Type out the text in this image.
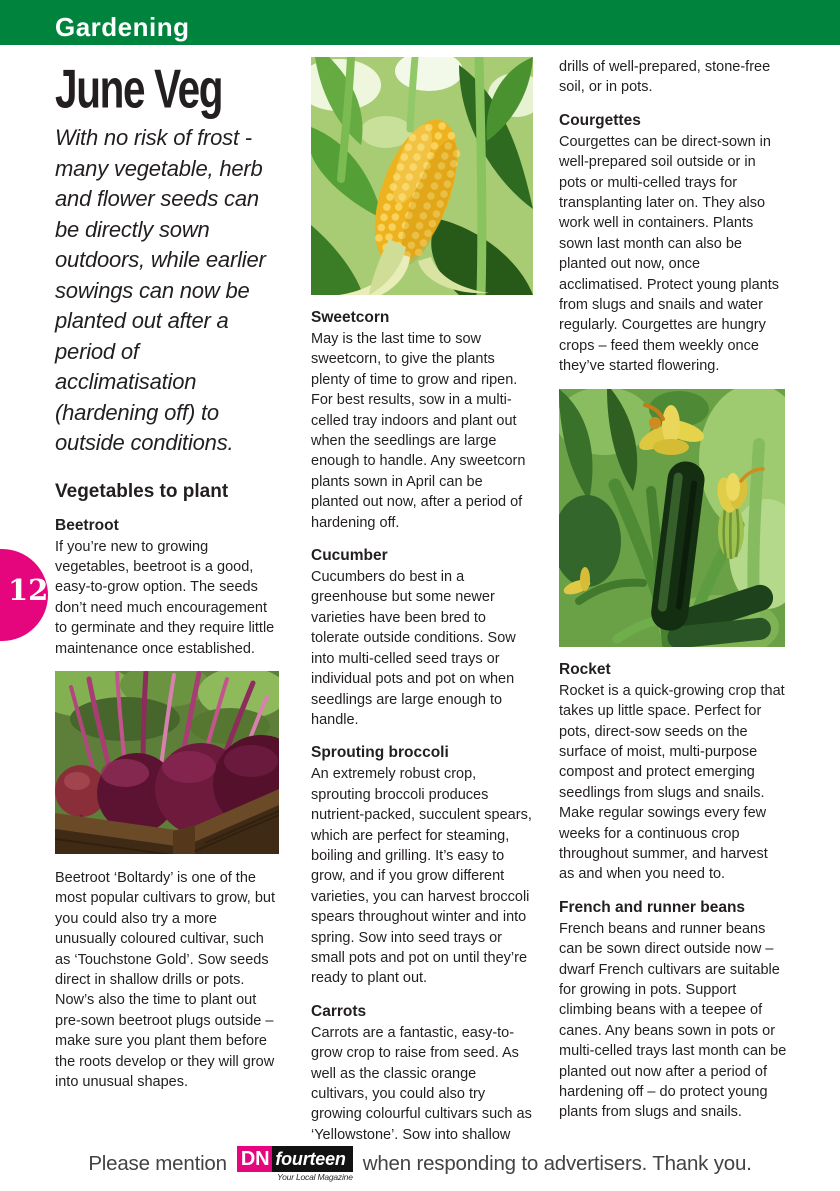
Gardening
12
June Veg

With no risk of frost - many vegetable, herb and flower seeds can be directly sown outdoors, while earlier sowings can now be planted out after a period of acclimatisation (hardening off) to outside conditions.

Vegetables to plant
Beetroot

If you’re new to growing vegetables, beetroot is a good, easy-to-grow option. The seeds don’t need much encouragement to germinate and they require little maintenance once established.

Beetroot ‘Boltardy’ is one of the most popular cultivars to grow, but you could also try a more unusually coloured cultivar, such as ‘Touchstone Gold’. Sow seeds direct in shallow drills or pots. Now’s also the time to plant out pre-sown beetroot plugs outside – make sure you plant them before the roots develop or they will grow into unusual shapes.

Sweetcorn

May is the last time to sow sweetcorn, to give the plants plenty of time to grow and ripen. For best results, sow in a multi-celled tray indoors and plant out when the seedlings are large enough to handle. Any sweetcorn plants sown in April can be planted out now, after a period of hardening off.

Cucumber

Cucumbers do best in a greenhouse but some newer varieties have been bred to tolerate outside conditions. Sow into multi-celled seed trays or individual pots and pot on when seedlings are large enough to handle.

Sprouting broccoli

An extremely robust crop, sprouting broccoli produces nutrient-packed, succulent spears, which are perfect for steaming, boiling and grilling. It’s easy to grow, and if you grow different varieties, you can harvest broccoli spears throughout winter and into spring. Sow into seed trays or small pots and pot on until they’re ready to plant out.

Carrots

Carrots are a fantastic, easy-to-grow crop to raise from seed. As well as the classic orange cultivars, you could also try growing colourful cultivars such as ‘Yellowstone’. Sow into shallow

drills of well-prepared, stone-free soil, or in pots.

Courgettes

Courgettes can be direct-sown in well-prepared soil outside or in pots or multi-celled trays for transplanting later on. They also work well in containers. Plants sown last month can also be planted out now, once acclimatised. Protect young plants from slugs and snails and water regularly. Courgettes are hungry crops – feed them weekly once they’ve started flowering.

Rocket

Rocket is a quick-growing crop that takes up little space. Perfect for pots, direct-sow seeds on the surface of moist, multi-purpose compost and protect emerging seedlings from slugs and snails. Make regular sowings every few weeks for a continuous crop throughout summer, and harvest as and when you need to.

French and runner beans

French beans and runner beans can be sown direct outside now – dwarf French cultivars are suitable for growing in pots. Support climbing beans with a teepee of canes. Any beans sown in pots or multi-celled trays last month can be planted out now after a period of hardening off – do protect young plants from slugs and snails.

Please mention DN fourteen
Your Local Magazine
when responding to advertisers. Thank you.
